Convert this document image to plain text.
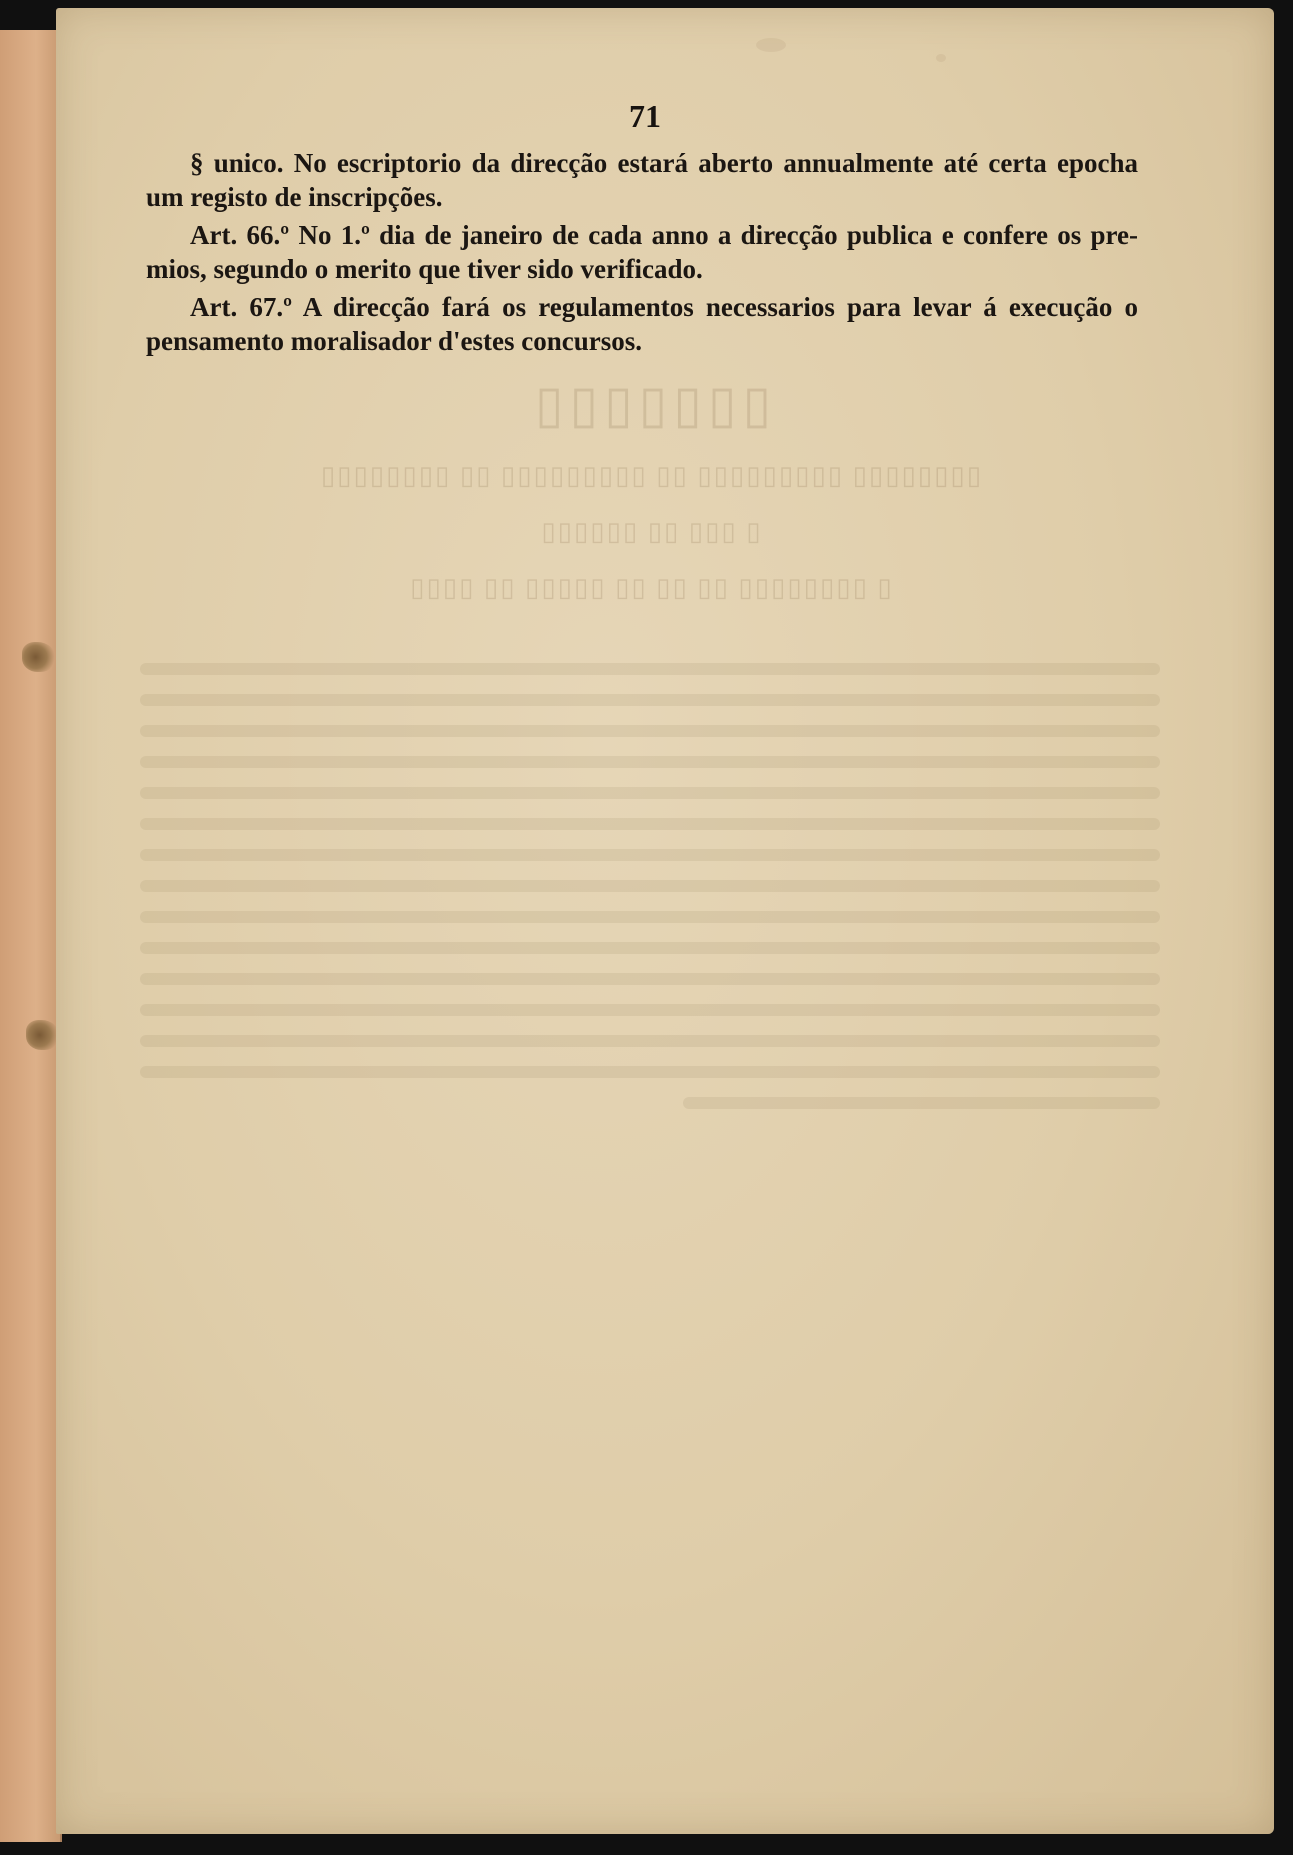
71
§ unico. No escriptorio da direcção estará aberto annualmente até certa epocha
um registo de inscripções.
Art. 66.º No 1.º dia de janeiro de cada anno a direcção publica e confere os pre-
mios, segundo o merito que tiver sido verificado.
Art. 67.º A direcção fará os regulamentos necessarios para levar á execução o
pensamento moralisador d'estes concursos.
